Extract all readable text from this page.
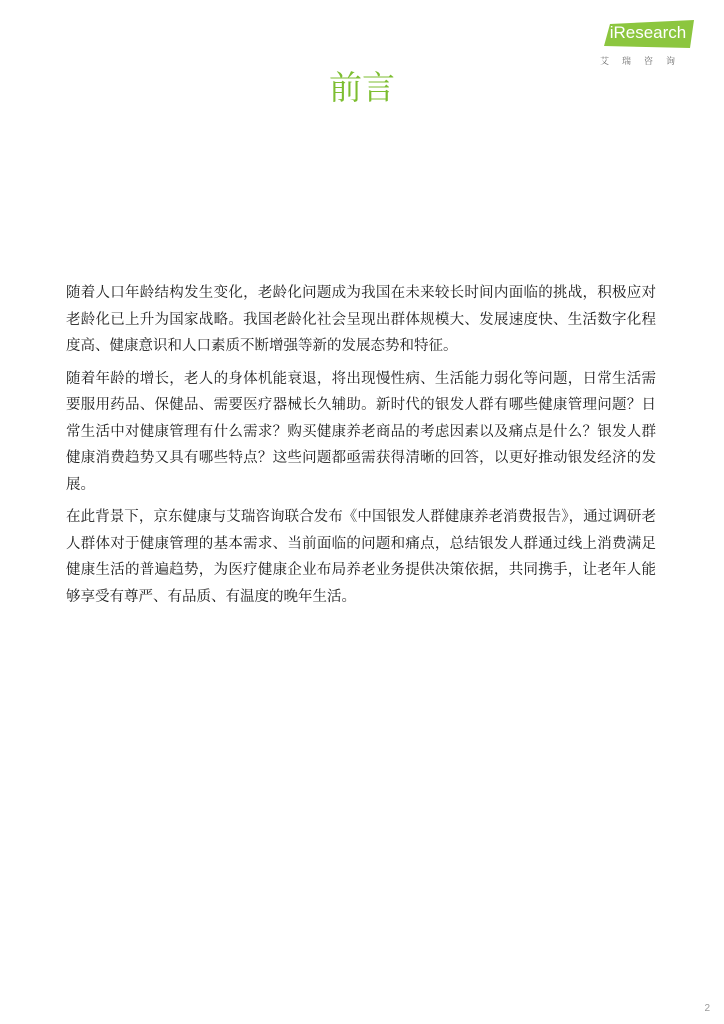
iResearch
艾瑞咨询
前言

随着人口年龄结构发生变化，老龄化问题成为我国在未来较长时间内面临的挑战，积极应对老龄化已上升为国家战略。我国老龄化社会呈现出群体规模大、发展速度快、生活数字化程度高、健康意识和人口素质不断增强等新的发展态势和特征。

随着年龄的增长，老人的身体机能衰退，将出现慢性病、生活能力弱化等问题，日常生活需要服用药品、保健品、需要医疗器械长久辅助。新时代的银发人群有哪些健康管理问题？日常生活中对健康管理有什么需求？购买健康养老商品的考虑因素以及痛点是什么？银发人群健康消费趋势又具有哪些特点？这些问题都亟需获得清晰的回答，以更好推动银发经济的发展。

在此背景下，京东健康与艾瑞咨询联合发布《中国银发人群健康养老消费报告》，通过调研老人群体对于健康管理的基本需求、当前面临的问题和痛点，总结银发人群通过线上消费满足健康生活的普遍趋势，为医疗健康企业布局养老业务提供决策依据，共同携手，让老年人能够享受有尊严、有品质、有温度的晚年生活。

2
